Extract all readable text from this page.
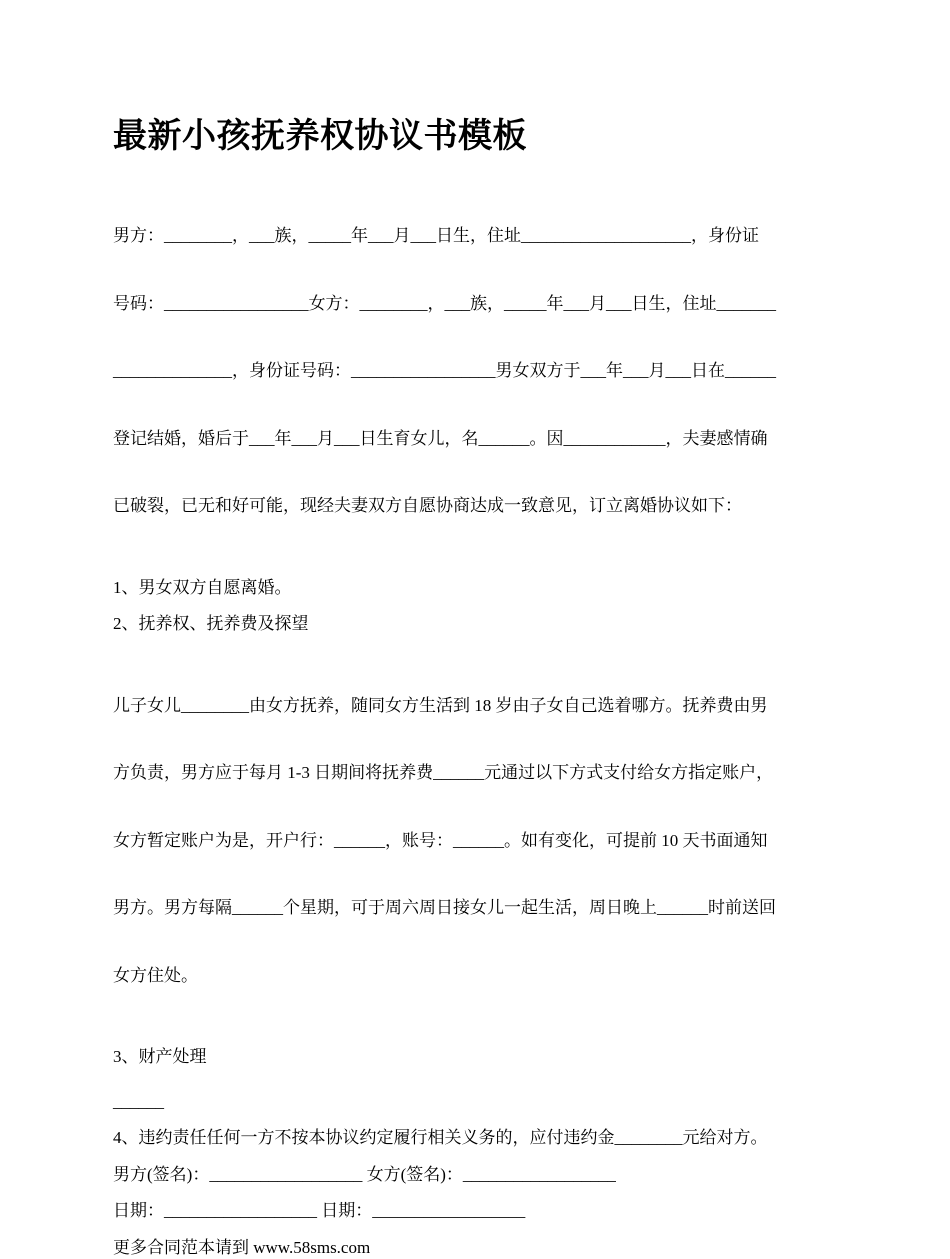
最新小孩抚养权协议书模板

男方：________，___族，_____年___月___日生，住址____________________，身份证

号码：_________________女方：________，___族，_____年___月___日生，住址_______

______________，身份证号码：_________________男女双方于___年___月___日在______

登记结婚，婚后于___年___月___日生育女儿，名______。因____________，夫妻感情确

已破裂，已无和好可能，现经夫妻双方自愿协商达成一致意见，订立离婚协议如下：

1、男女双方自愿离婚。

2、抚养权、抚养费及探望

儿子女儿________由女方抚养，随同女方生活到 18 岁由子女自己选着哪方。抚养费由男

方负责，男方应于每月 1-3 日期间将抚养费______元通过以下方式支付给女方指定账户，

女方暂定账户为是，开户行：______，账号：______。如有变化，可提前 10 天书面通知

男方。男方每隔______个星期，可于周六周日接女儿一起生活，周日晚上______时前送回

女方住处。

3、财产处理

______

4、违约责任任何一方不按本协议约定履行相关义务的，应付违约金________元给对方。

男方(签名)：__________________ 女方(签名)：__________________

日期：__________________ 日期：__________________

更多合同范本请到 www.58sms.com
